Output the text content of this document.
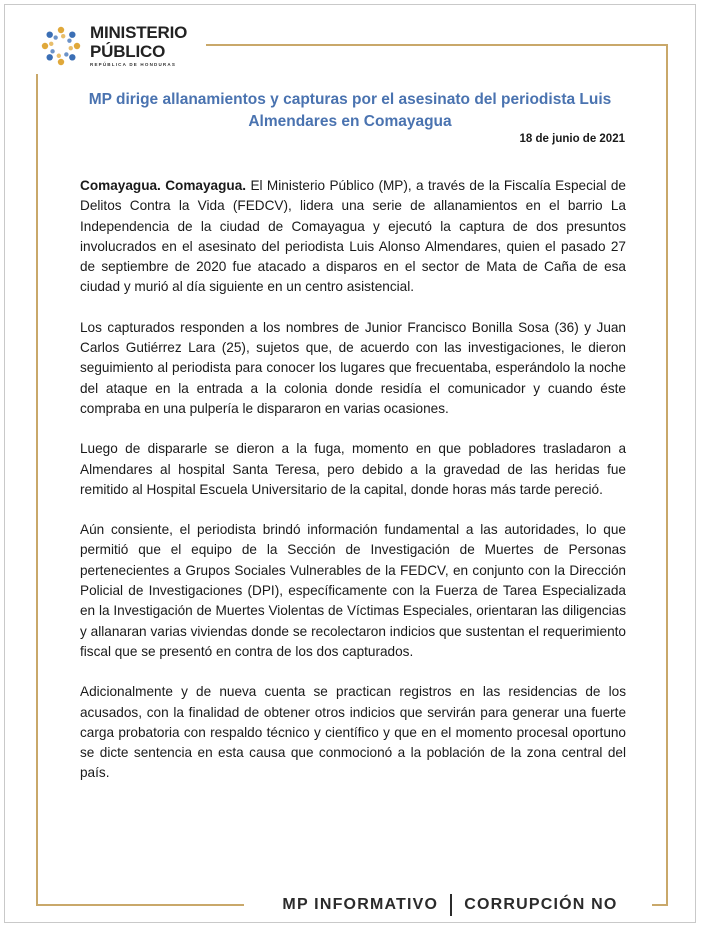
MINISTERIO
PÚBLICO
REPÚBLICA DE HONDURAS
MP dirige allanamientos y capturas por el asesinato del periodista Luis Almendares en Comayagua
18 de junio de 2021

Comayagua. Comayagua. El Ministerio Público (MP), a través de la Fiscalía Especial de Delitos Contra la Vida (FEDCV), lidera una serie de allanamientos en el barrio La Independencia de la ciudad de Comayagua y ejecutó la captura de dos presuntos involucrados en el asesinato del periodista Luis Alonso Almendares, quien el pasado 27 de septiembre de 2020 fue atacado a disparos en el sector de Mata de Caña de esa ciudad y murió al día siguiente en un centro asistencial.

Los capturados responden a los nombres de Junior Francisco Bonilla Sosa (36) y Juan Carlos Gutiérrez Lara (25), sujetos que, de acuerdo con las investigaciones, le dieron seguimiento al periodista para conocer los lugares que frecuentaba, esperándolo la noche del ataque en la entrada a la colonia donde residía el comunicador y cuando éste compraba en una pulpería le dispararon en varias ocasiones.

Luego de dispararle se dieron a la fuga, momento en que pobladores trasladaron a Almendares al hospital Santa Teresa, pero debido a la gravedad de las heridas fue remitido al Hospital Escuela Universitario de la capital, donde horas más tarde pereció.

Aún consiente, el periodista brindó información fundamental a las autoridades, lo que permitió que el equipo de la Sección de Investigación de Muertes de Personas pertenecientes a Grupos Sociales Vulnerables de la FEDCV, en conjunto con la Dirección Policial de Investigaciones (DPI), específicamente con la Fuerza de Tarea Especializada en la Investigación de Muertes Violentas de Víctimas Especiales, orientaran las diligencias y allanaran varias viviendas donde se recolectaron indicios que sustentan el requerimiento fiscal que se presentó en contra de los dos capturados.

Adicionalmente y de nueva cuenta se practican registros en las residencias de los acusados, con la finalidad de obtener otros indicios que servirán para generar una fuerte carga probatoria con respaldo técnico y científico y que en el momento procesal oportuno se dicte sentencia en esta causa que conmocionó a la población de la zona central del país.

MP INFORMATIVO CORRUPCIÓN NO
